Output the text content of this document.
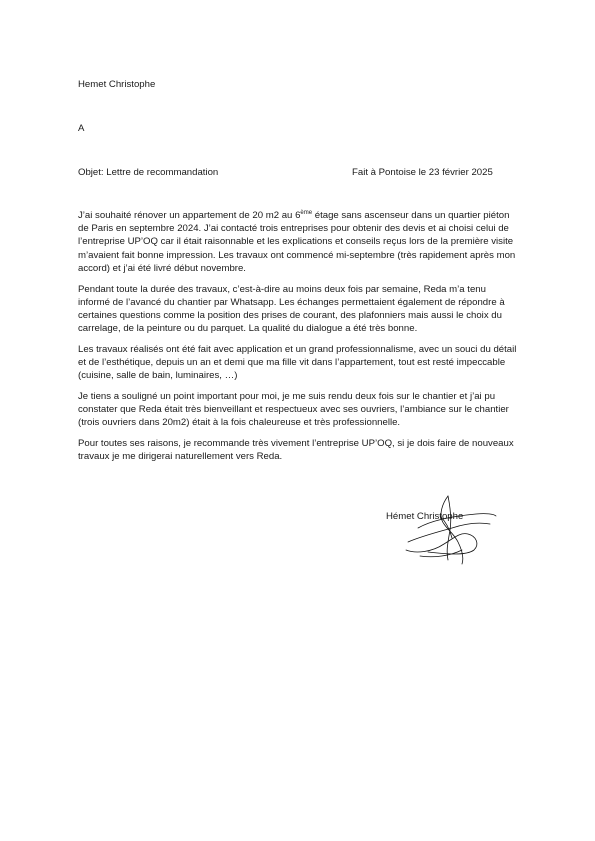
Hemet Christophe
A
Objet: Lettre de recommandation	Fait à Pontoise le 23 février 2025

J’ai souhaité rénover un appartement de 20 m2 au 6ème étage sans ascenseur dans un quartier piéton de Paris en septembre 2024. J’ai contacté trois entreprises pour obtenir des devis et ai choisi celui de l’entreprise UP’OQ car il était raisonnable et les explications et conseils reçus lors de la première visite m’avaient fait bonne impression. Les travaux ont commencé mi-septembre (très rapidement après mon accord) et j’ai été livré début novembre.

Pendant toute la durée des travaux, c’est-à-dire au moins deux fois par semaine, Reda m’a tenu informé de l’avancé du chantier par Whatsapp. Les échanges permettaient également de répondre à certaines questions comme la position des prises de courant, des plafonniers mais aussi le choix du carrelage, de la peinture ou du parquet. La qualité du dialogue a été très bonne.

Les travaux réalisés ont été fait avec application et un grand professionnalisme, avec un souci du détail et de l’esthétique, depuis un an et demi que ma fille vit dans l’appartement, tout est resté impeccable (cuisine, salle de bain, luminaires, …)

Je tiens a souligné un point important pour moi, je me suis rendu deux fois sur le chantier et j’ai pu constater que Reda était très bienveillant et respectueux avec ses ouvriers, l’ambiance sur le chantier (trois ouvriers dans 20m2) était à la fois chaleureuse et très professionnelle.

Pour toutes ses raisons, je recommande très vivement l’entreprise UP’OQ, si je dois faire de nouveaux travaux je me dirigerai naturellement vers Reda.

Hémet Christophe
